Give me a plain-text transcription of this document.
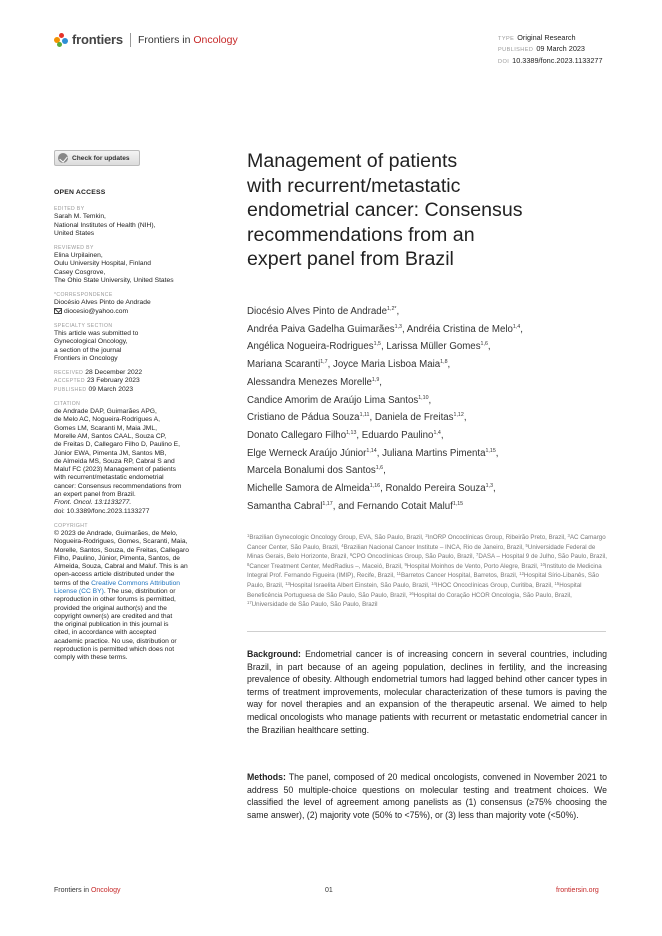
frontiers Frontiers in Oncology	TYPE Original Research
PUBLISHED 09 March 2023
DOI 10.3389/fonc.2023.1133277
Check for updates
OPEN ACCESS
EDITED BY
Sarah M. Temkin,
National Institutes of Health (NIH),
United States
REVIEWED BY
Elina Urpilainen,
Oulu University Hospital, Finland
Casey Cosgrove,
The Ohio State University, United States
*CORRESPONDENCE
Diocésio Alves Pinto de Andrade
diocesio@yahoo.com
SPECIALTY SECTION
This article was submitted to
Gynecological Oncology,
a section of the journal
Frontiers in Oncology
RECEIVED 28 December 2022
ACCEPTED 23 February 2023
PUBLISHED 09 March 2023
CITATION
de Andrade DAP, Guimarães APG,
de Melo AC, Nogueira-Rodrigues A,
Gomes LM, Scaranti M, Maia JML,
Morelle AM, Santos CAAL, Souza CP,
de Freitas D, Callegaro Filho D, Paulino E,
Júnior EWA, Pimenta JM, Santos MB,
de Almeida MS, Souza RP, Cabral S and
Maluf FC (2023) Management of patients
with recurrent/metastatic endometrial
cancer: Consensus recommendations from
an expert panel from Brazil.
Front. Oncol. 13:1133277.
doi: 10.3389/fonc.2023.1133277
COPYRIGHT
© 2023 de Andrade, Guimarães, de Melo,
Nogueira-Rodrigues, Gomes, Scaranti, Maia,
Morelle, Santos, Souza, de Freitas, Callegaro
Filho, Paulino, Júnior, Pimenta, Santos, de
Almeida, Souza, Cabral and Maluf. This is an
open-access article distributed under the
terms of the Creative Commons Attribution
License (CC BY). The use, distribution or
reproduction in other forums is permitted,
provided the original author(s) and the
copyright owner(s) are credited and that
the original publication in this journal is
cited, in accordance with accepted
academic practice. No use, distribution or
reproduction is permitted which does not
comply with these terms.
Management of patients
with recurrent/metastatic
endometrial cancer: Consensus
recommendations from an
expert panel from Brazil
Diocésio Alves Pinto de Andrade$^{1,2*}$,
Andréa Paiva Gadelha Guimarães$^{1,3}$, Andréia Cristina de Melo$^{1,4}$,
Angélica Nogueira-Rodrigues$^{1,5}$, Larissa Müller Gomes$^{1,6}$,
Mariana Scaranti$^{1,7}$, Joyce Maria Lisboa Maia$^{1,8}$,
Alessandra Menezes Morelle$^{1,9}$,
Candice Amorim de Araújo Lima Santos$^{1,10}$,
Cristiano de Pádua Souza$^{1,11}$, Daniela de Freitas$^{1,12}$,
Donato Callegaro Filho$^{1,13}$, Eduardo Paulino$^{1,4}$,
Elge Werneck Araújo Júnior$^{1,14}$, Juliana Martins Pimenta$^{1,15}$,
Marcela Bonalumi dos Santos$^{1,6}$,
Michelle Samora de Almeida$^{1,16}$, Ronaldo Pereira Souza$^{1,3}$,
Samantha Cabral$^{1,17}$, and Fernando Cotait Maluf$^{1,15}$
$^1$Brazilian Gynecologic Oncology Group, EVA, São Paulo, Brazil, $^2$InORP Oncoclínicas Group, Ribeirão Preto, Brazil, $^3$AC Camargo Cancer Center, São Paulo, Brazil, $^4$Brazilian Nacional Cancer Institute – INCA, Rio de Janeiro, Brazil, $^5$Universidade Federal de Minas Gerais, Belo Horizonte, Brazil, $^6$CPO Oncoclínicas Group, São Paulo, Brazil, $^7$DASA – Hospital 9 de Julho, São Paulo, Brazil, $^8$Cancer Treatment Center, MedRadius –, Maceió, Brazil, $^9$Hospital Moinhos de Vento, Porto Alegre, Brazil, $^{10}$Instituto de Medicina Integral Prof. Fernando Figueira (IMIP), Recife, Brazil, $^{11}$Barretos Cancer Hospital, Barretos, Brazil, $^{12}$Hospital Sírio-Libanês, São Paulo, Brazil, $^{13}$Hospital Israelita Albert Einstein, São Paulo, Brazil, $^{14}$IHOC Oncoclínicas Group, Curitiba, Brazil, $^{15}$Hospital Beneficência Portuguesa de São Paulo, São Paulo, Brazil, $^{16}$Hospital do Coração HCOR Oncologia, São Paulo, Brazil, $^{17}$Universidade de São Paulo, São Paulo, Brazil

Background: Endometrial cancer is of increasing concern in several countries, including Brazil, in part because of an ageing population, declines in fertility, and the increasing prevalence of obesity. Although endometrial tumors had lagged behind other cancer types in terms of treatment improvements, molecular characterization of these tumors is paving the way for novel therapies and an expansion of the therapeutic arsenal. We aimed to help medical oncologists who manage patients with recurrent or metastatic endometrial cancer in the Brazilian healthcare setting.

Methods: The panel, composed of 20 medical oncologists, convened in November 2021 to address 50 multiple-choice questions on molecular testing and treatment choices. We classified the level of agreement among panelists as (1) consensus (≥75% choosing the same answer), (2) majority vote (50% to <75%), or (3) less than majority vote (<50%).

Frontiers in Oncology	01	frontiersin.org
